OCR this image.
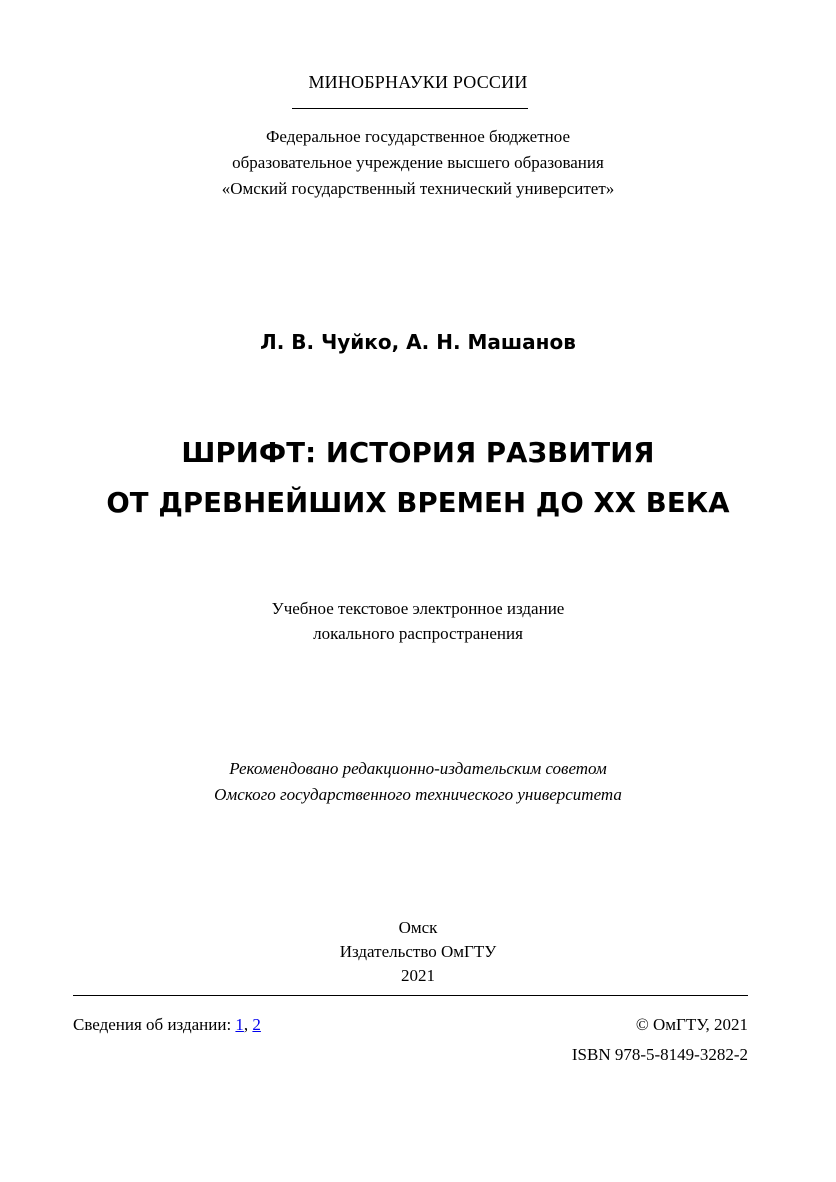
МИНОБРНАУКИ РОССИИ
Федеральное государственное бюджетное
образовательное учреждение высшего образования
«Омский государственный технический университет»
Л. В. Чуйко, А. Н. Машанов
ШРИФТ: ИСТОРИЯ РАЗВИТИЯ
ОТ ДРЕВНЕЙШИХ ВРЕМЕН ДО XX ВЕКА
Учебное текстовое электронное издание
локального распространения
Рекомендовано редакционно-издательским советом
Омского государственного технического университета
Омск
Издательство ОмГТУ
2021
Сведения об издании: 1, 2	© ОмГТУ, 2021
ISBN 978-5-8149-3282-2
